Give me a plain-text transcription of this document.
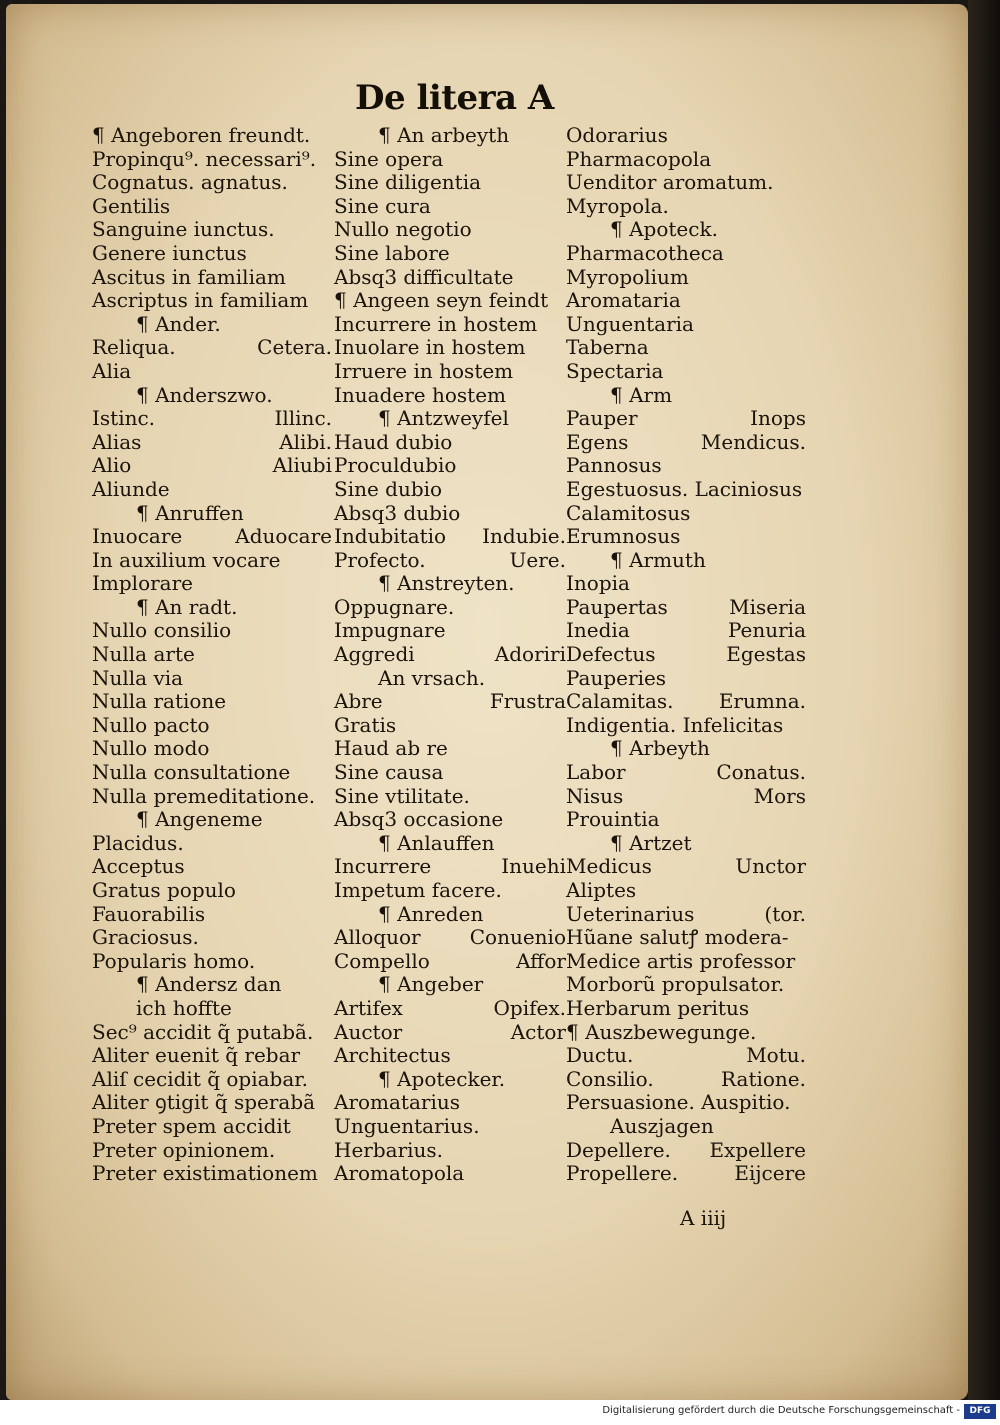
De litera A
¶ Angeboren freundt.
Propinqu⁹. necessari⁹.
Cognatus. agnatus.
Gentilis
Sanguine iunctus.
Genere iunctus
Ascitus in familiam
Ascriptus in familiam
¶ Ander.
Reliqua.	Cetera.
Alia
¶ Anderszwo.
Istinc.	Illinc.
Alias	Alibi.
Alio	Aliubi
Aliunde
¶ Anruffen
Inuocare	Aduocare
In auxilium vocare
Implorare
¶ An radt.
Nullo consilio
Nulla arte
Nulla via
Nulla ratione
Nullo pacto
Nullo modo
Nulla consultatione
Nulla premeditatione.
¶ Angeneme
Placidus.
Acceptus
Gratus populo
Fauorabilis
Graciosus.
Popularis homo.
¶ Andersz dan
ich hoffte
Sec⁹ accidit q̃ putabã.
Aliter euenit q̃ rebar
Aliſ cecidit q̃ opiabar.
Aliter ꝯtigit q̃ sperabã
Preter spem accidit
Preter opinionem.
Preter existimationem
¶ An arbeyth
Sine opera
Sine diligentia
Sine cura
Nullo negotio
Sine labore
Absq3 difficultate
¶ Angeen seyn feindt
Incurrere in hostem
Inuolare in hostem
Irruere in hostem
Inuadere hostem
¶ Antzweyfel
Haud dubio
Proculdubio
Sine dubio
Absq3 dubio
Indubitatio Indubie.
Profecto.	Uere.
¶ Anstreyten.
Oppugnare.
Impugnare
Aggredi	Adoriri
An vrsach.
Abre	Frustra
Gratis
Haud ab re
Sine causa
Sine vtilitate.
Absq3 occasione
¶ Anlauffen
Incurrere	Inuehi
Impetum facere.
¶ Anreden
Alloquor Conuenio
Compello	Affor
¶ Angeber
Artifex	Opifex.
Auctor	Actor
Architectus
¶ Apotecker.
Aromatarius
Unguentarius.
Herbarius.
Aromatopola
Odorarius
Pharmacopola
Uenditor aromatum.
Myropola.
¶ Apoteck.
Pharmacotheca
Myropolium
Aromataria
Unguentaria
Taberna
Spectaria
¶ Arm
Pauper	Inops
Egens	Mendicus.
Pannosus
Egestuosus. Laciniosus
Calamitosus
Erumnosus
¶ Armuth
Inopia
Paupertas	Miseria
Inedia	Penuria
Defectus	Egestas
Pauperies
Calamitas. Erumna.
Indigentia. Infelicitas
¶ Arbeyth
Labor	Conatus.
Nisus	Mors
Prouintia
¶ Artzet
Medicus	Unctor
Aliptes
Ueterinarius	(tor.
Hũane salutꝭ modera-
Medice artis professor
Morborũ propulsator.
Herbarum peritus
¶ Auszbewegunge.
Ductu.	Motu.
Consilio.	Ratione.
Persuasione. Auspitio.
Auszjagen
Depellere. Expellere
Propellere.	Eijcere
A iiij
Digitalisierung gefördert durch die Deutsche Forschungsgemeinschaft -	DFG
